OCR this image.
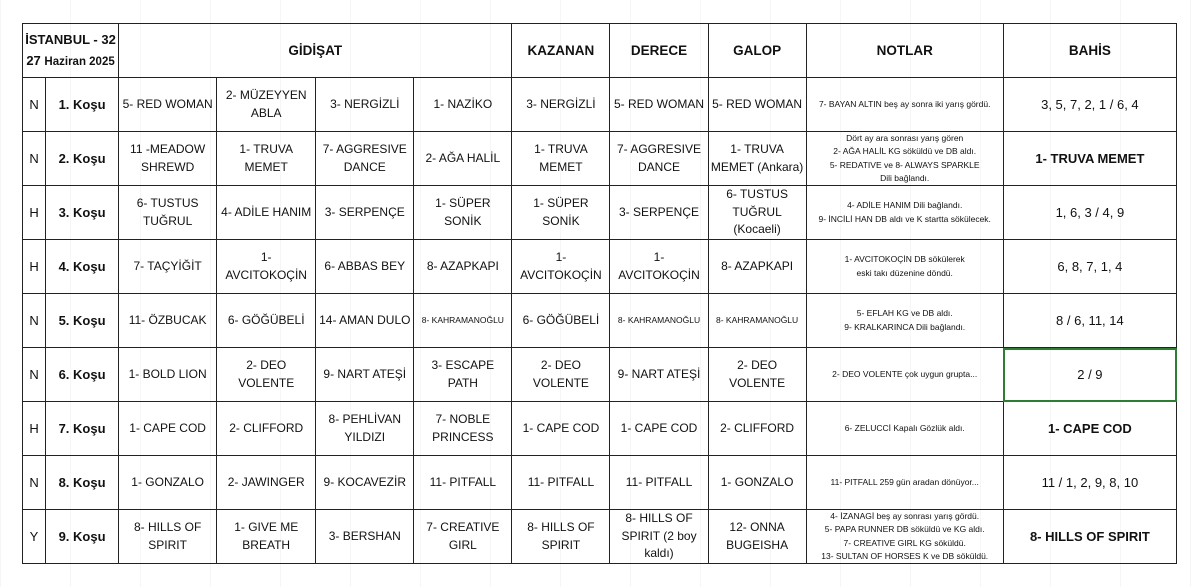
İSTANBUL - 32
27 Haziran 2025		GİDİŞAT				KAZANAN	DERECE	GALOP	NOTLAR	BAHİS
N	1. Koşu	5- RED WOMAN	2- MÜZEYYEN ABLA	3- NERGİZLİ	1- NAZİKO	3- NERGİZLİ	5- RED WOMAN	5- RED WOMAN	7- BAYAN ALTIN beş ay sonra iki yarış gördü.	3, 5, 7, 2, 1 / 6, 4
N	2. Koşu	11 -MEADOW SHREWD	1- TRUVA MEMET	7- AGGRESIVE DANCE	2- AĞA HALİL	1- TRUVA MEMET	7- AGGRESIVE DANCE	1- TRUVA MEMET (Ankara)	Dört ay ara sonrası yarış gören
2- AĞA HALİL KG söküldü ve DB aldı.
5- REDATIVE ve 8- ALWAYS SPARKLE
Dili bağlandı.	1- TRUVA MEMET
H	3. Koşu	6- TUSTUS TUĞRUL	4- ADİLE HANIM	3- SERPENÇE	1- SÜPER SONİK	1- SÜPER SONİK	3- SERPENÇE	6- TUSTUS TUĞRUL (Kocaeli)	4- ADİLE HANIM Dili bağlandı.
9- İNCİLİ HAN DB aldı ve K startta sökülecek.	1, 6, 3 / 4, 9
H	4. Koşu	7- TAÇYİĞİT	1- AVCITOKOÇİN	6- ABBAS BEY	8- AZAPKAPI	1- AVCITOKOÇİN	1- AVCITOKOÇİN	8- AZAPKAPI	1- AVCITOKOÇİN DB sökülerek
eski takı düzenine döndü.	6, 8, 7, 1, 4
N	5. Koşu	11- ÖZBUCAK	6- GÖĞÜBELİ	14- AMAN DULO	8- KAHRAMANOĞLU	6- GÖĞÜBELİ	8- KAHRAMANOĞLU	8- KAHRAMANOĞLU	5- EFLAH KG ve DB aldı.
9- KRALKARINCA Dili bağlandı.	8 / 6, 11, 14
N	6. Koşu	1- BOLD LION	2- DEO VOLENTE	9- NART ATEŞİ	3- ESCAPE PATH	2- DEO VOLENTE	9- NART ATEŞİ	2- DEO VOLENTE	2- DEO VOLENTE çok uygun grupta...	2 / 9
H	7. Koşu	1- CAPE COD	2- CLIFFORD	8- PEHLİVAN YILDIZI	7- NOBLE PRINCESS	1- CAPE COD	1- CAPE COD	2- CLIFFORD	6- ZELUCCİ Kapalı Gözlük aldı.	1- CAPE COD
N	8. Koşu	1- GONZALO	2- JAWINGER	9- KOCAVEZİR	11- PITFALL	11- PITFALL	11- PITFALL	1- GONZALO	11- PITFALL 259 gün aradan dönüyor...	11 / 1, 2, 9, 8, 10
Y	9. Koşu	8- HILLS OF SPIRIT	1- GIVE ME BREATH	3- BERSHAN	7- CREATIVE GIRL	8- HILLS OF SPIRIT	8- HILLS OF SPIRIT (2 boy kaldı)	12- ONNA BUGEISHA	4- İZANAGİ beş ay sonrası yarış gördü.
5- PAPA RUNNER DB söküldü ve KG aldı.
7- CREATIVE GIRL KG söküldü.
13- SULTAN OF HORSES K ve DB söküldü.	8- HILLS OF SPIRIT
